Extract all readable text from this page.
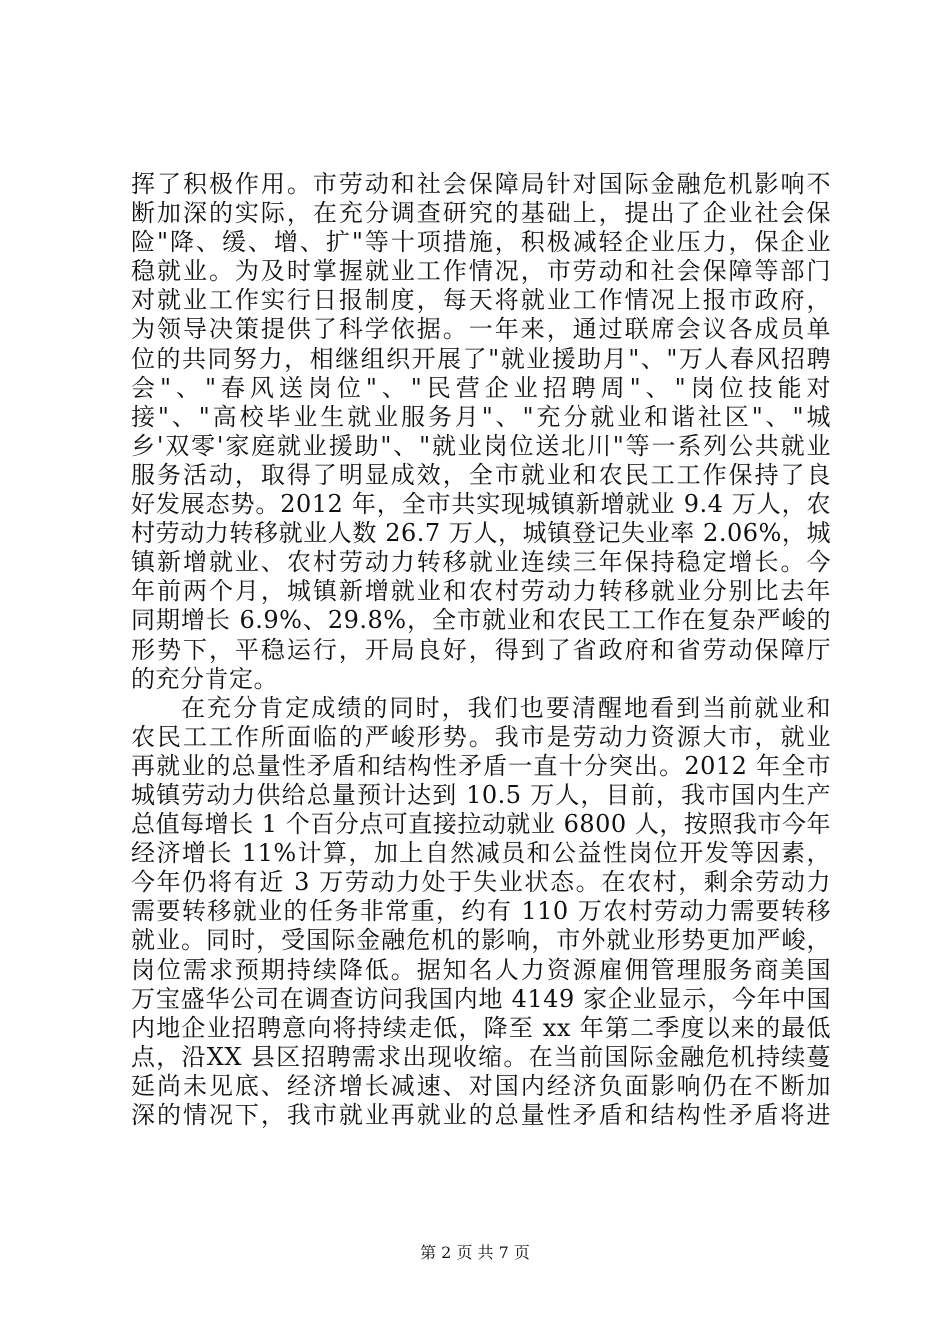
挥了积极作用。市劳动和社会保障局针对国际金融危机影响不
断加深的实际，在充分调查研究的基础上，提出了企业社会保
险"降、缓、增、扩"等十项措施，积极减轻企业压力，保企业
稳就业。为及时掌握就业工作情况，市劳动和社会保障等部门
对就业工作实行日报制度，每天将就业工作情况上报市政府，
为领导决策提供了科学依据。一年来，通过联席会议各成员单
位的共同努力，相继组织开展了"就业援助月"、"万人春风招聘
会"、"春风送岗位"、"民营企业招聘周"、"岗位技能对
接"、"高校毕业生就业服务月"、"充分就业和谐社区"、"城
乡'双零'家庭就业援助"、"就业岗位送北川"等一系列公共就业
服务活动，取得了明显成效，全市就业和农民工工作保持了良
好发展态势。2012 年，全市共实现城镇新增就业 9.4 万人，农
村劳动力转移就业人数 26.7 万人，城镇登记失业率 2.06%，城
镇新增就业、农村劳动力转移就业连续三年保持稳定增长。今
年前两个月，城镇新增就业和农村劳动力转移就业分别比去年
同期增长 6.9%、29.8%，全市就业和农民工工作在复杂严峻的
形势下，平稳运行，开局良好，得到了省政府和省劳动保障厅
的充分肯定。
在充分肯定成绩的同时，我们也要清醒地看到当前就业和
农民工工作所面临的严峻形势。我市是劳动力资源大市，就业
再就业的总量性矛盾和结构性矛盾一直十分突出。2012 年全市
城镇劳动力供给总量预计达到 10.5 万人，目前，我市国内生产
总值每增长 1 个百分点可直接拉动就业 6800 人，按照我市今年
经济增长 11%计算，加上自然减员和公益性岗位开发等因素，
今年仍将有近 3 万劳动力处于失业状态。在农村，剩余劳动力
需要转移就业的任务非常重，约有 110 万农村劳动力需要转移
就业。同时，受国际金融危机的影响，市外就业形势更加严峻，
岗位需求预期持续降低。据知名人力资源雇佣管理服务商美国
万宝盛华公司在调查访问我国内地 4149 家企业显示，今年中国
内地企业招聘意向将持续走低，降至 xx 年第二季度以来的最低
点，沿XX 县区招聘需求出现收缩。在当前国际金融危机持续蔓
延尚未见底、经济增长减速、对国内经济负面影响仍在不断加
深的情况下，我市就业再就业的总量性矛盾和结构性矛盾将进
第 2 页 共 7 页
